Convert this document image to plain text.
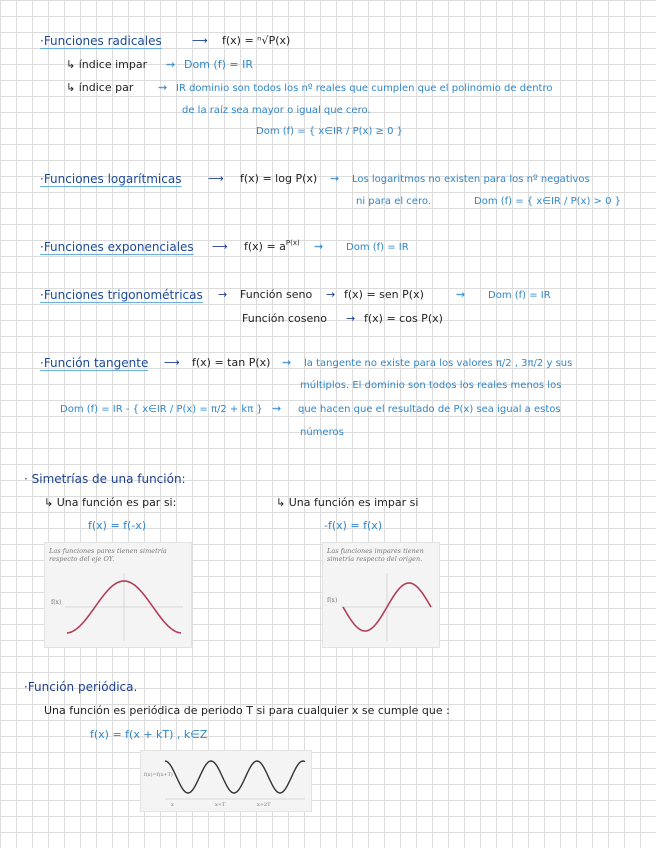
·Funciones radicales	⟶ f(x) = ⁿ√P(x)
↳ índice impar ⇝ Dom (f) = IR
↳ índice par ⇝ IR dominio son todos los nº reales que cumplen que el polinomio de dentro
de la raíz sea mayor o igual que cero.
Dom (f) = { x∈IR / P(x) ≥ 0 }
·Funciones logarítmicas ⟶ f(x) = log P(x) ⇝ Los logaritmos no existen para los nº negativos
ni para el cero.	Dom (f) = { x∈IR / P(x) > 0 }
·Funciones exponenciales ⟶ $f(x) = a^{P(x)}$ ⇝ Dom (f) = IR
·Funciones trigonométricas → Función seno → f(x) = sen P(x)	⇝ Dom (f) = IR
Función coseno → f(x) = cos P(x)
·Función tangente ⟶ f(x) = tan P(x) ⇝ la tangente no existe para los valores π/2 , 3π/2 y sus
múltiplos. El dominio son todos los reales menos los
Dom (f) = IR - { x∈IR / P(x) = π/2 + kπ } ⇝ que hacen que el resultado de P(x) sea igual a estos
números
· Simetrías de una función:
↳ Una función es par si:
f(x) = f(-x)
↳ Una función es impar si
-f(x) = f(x)
Las funciones pares tienen simetría respecto del eje OY.
f(x)
Las funciones impares tienen simetría respecto del origen.
f(x)
·Función periódica.
Una función es periódica de periodo T si para cualquier x se cumple que :
f(x) = f(x + kT) , k∈Z
f(x)=f(x+T)
x	x+T	x+2T
